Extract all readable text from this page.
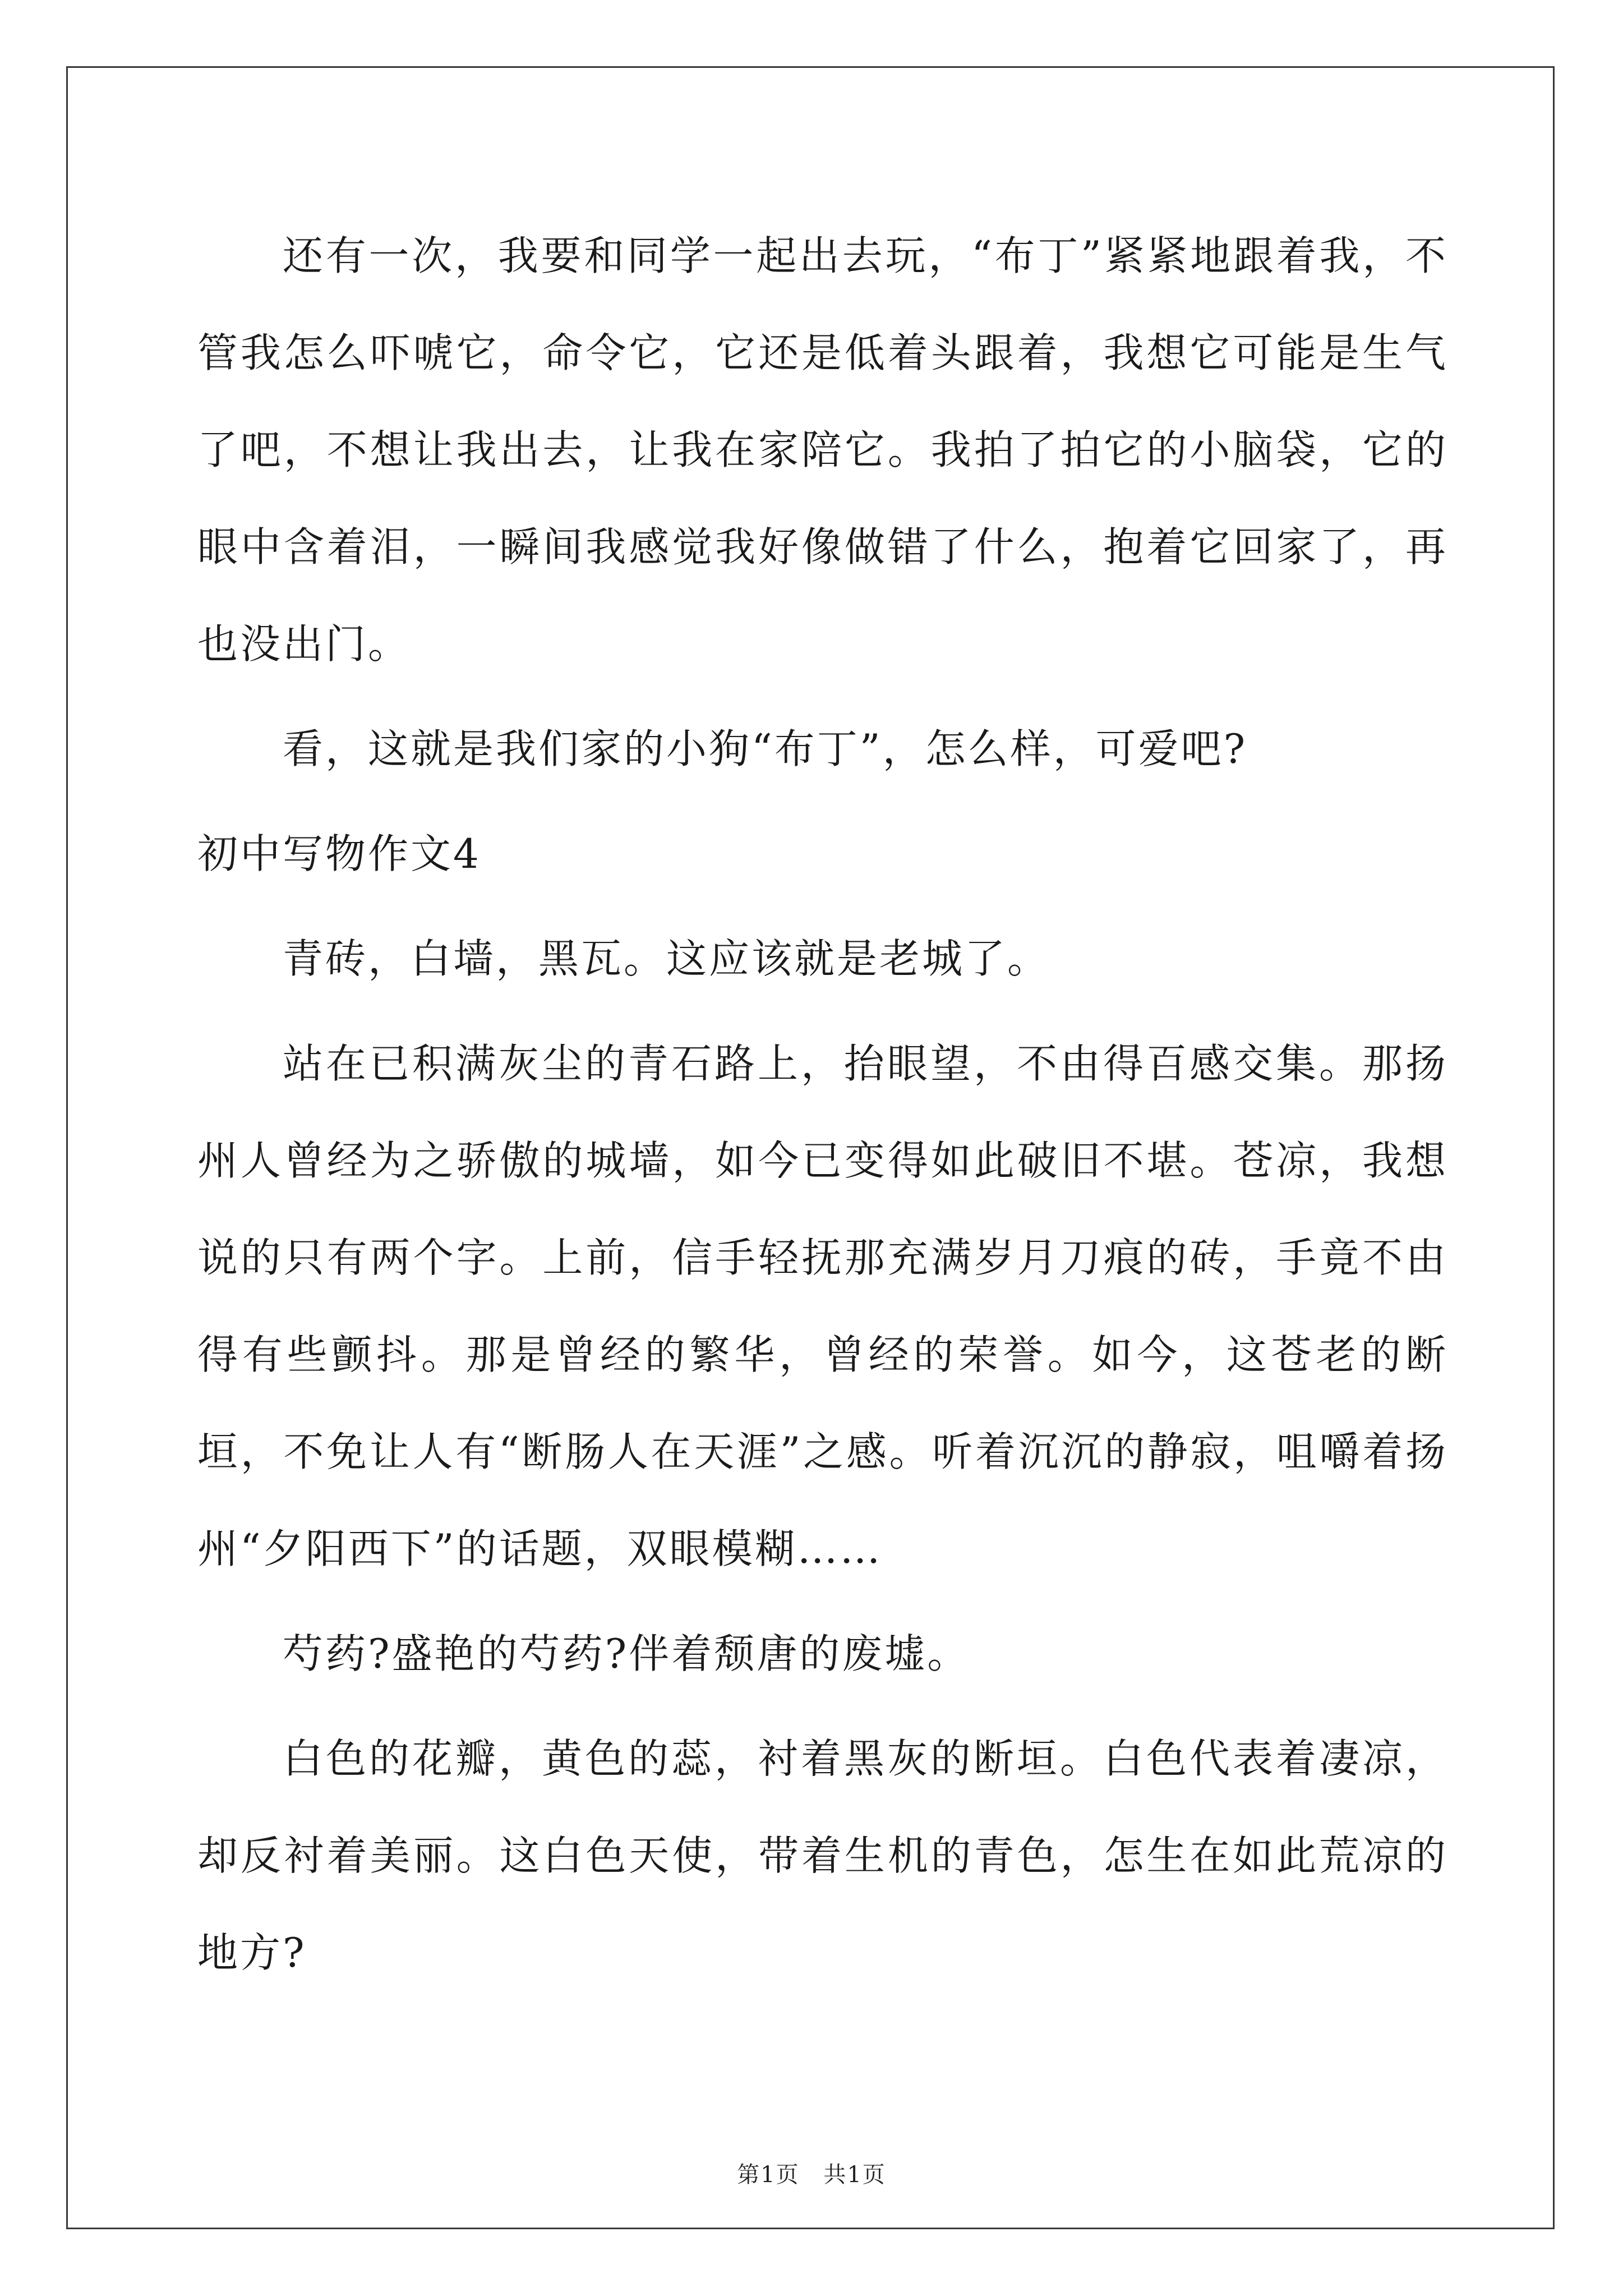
还有一次，我要和同学一起出去玩，“布丁”紧紧地跟着我，不管我怎么吓唬它，命令它，它还是低着头跟着，我想它可能是生气了吧，不想让我出去，让我在家陪它。我拍了拍它的小脑袋，它的眼中含着泪，一瞬间我感觉我好像做错了什么，抱着它回家了，再也没出门。

看，这就是我们家的小狗“布丁”，怎么样，可爱吧?

初中写物作文4

青砖，白墙，黑瓦。这应该就是老城了。

站在已积满灰尘的青石路上，抬眼望，不由得百感交集。那扬州人曾经为之骄傲的城墙，如今已变得如此破旧不堪。苍凉，我想说的只有两个字。上前，信手轻抚那充满岁月刀痕的砖，手竟不由得有些颤抖。那是曾经的繁华，曾经的荣誉。如今，这苍老的断垣，不免让人有“断肠人在天涯”之感。听着沉沉的静寂，咀嚼着扬州“夕阳西下”的话题，双眼模糊……

芍药?盛艳的芍药?伴着颓唐的废墟。

白色的花瓣，黄色的蕊，衬着黑灰的断垣。白色代表着凄凉，却反衬着美丽。这白色天使，带着生机的青色，怎生在如此荒凉的地方?

第1页 共1页
